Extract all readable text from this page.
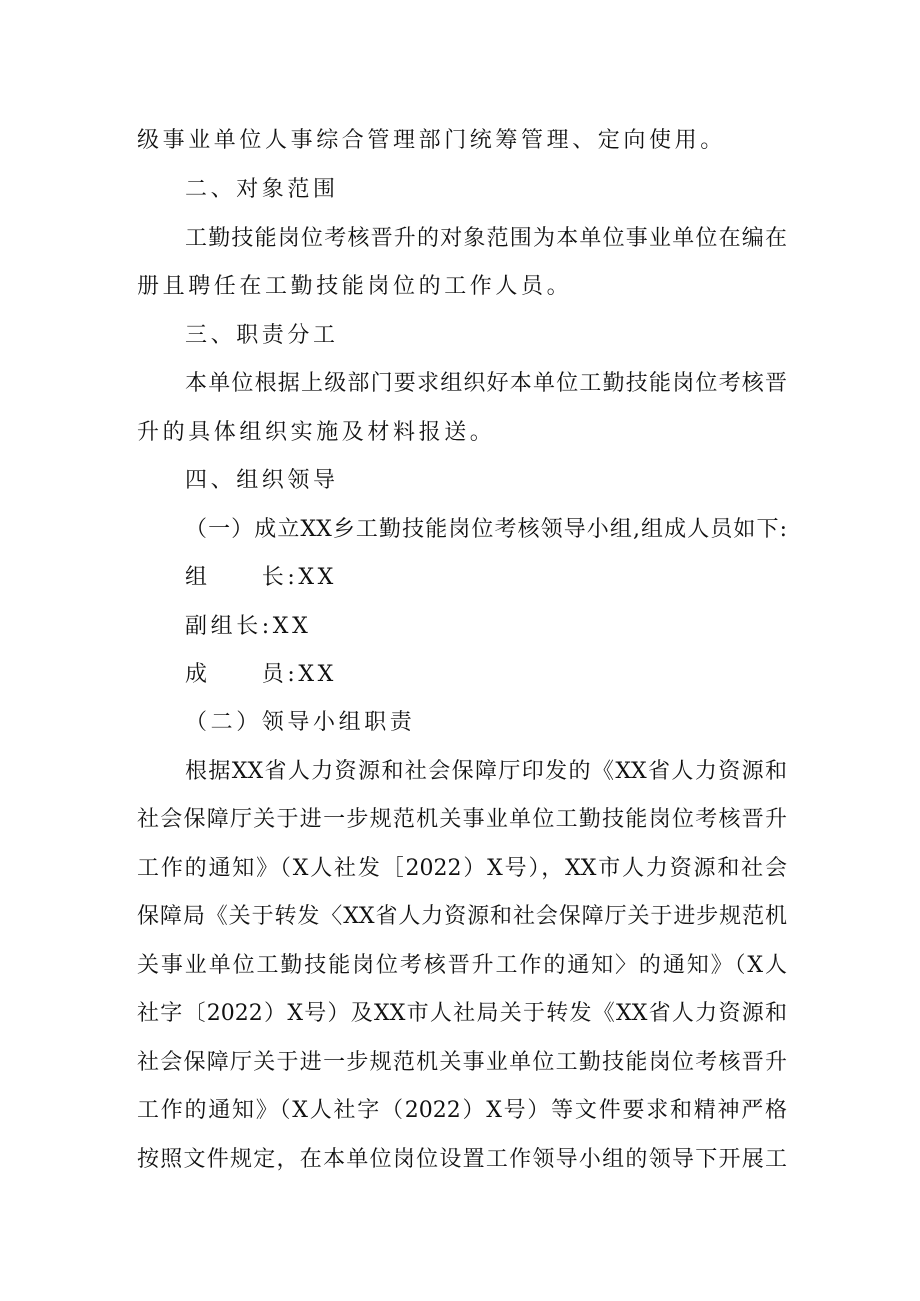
级事业单位人事综合管理部门统筹管理、定向使用。
二、对象范围
工勤技能岗位考核晋升的对象范围为本单位事业单位在编在
册且聘任在工勤技能岗位的工作人员。
三、职责分工
本单位根据上级部门要求组织好本单位工勤技能岗位考核晋
升的具体组织实施及材料报送。
四、组织领导
（一）成立XX乡工勤技能岗位考核领导小组,组成人员如下:
组　　长:XX
副组长:XX
成　　员:XX
（二）领导小组职责
根据XX省人力资源和社会保障厅印发的《XX省人力资源和
社会保障厅关于进一步规范机关事业单位工勤技能岗位考核晋升
工作的通知》（X人社发［2022）X号），XX市人力资源和社会
保障局《关于转发〈XX省人力资源和社会保障厅关于进步规范机
关事业单位工勤技能岗位考核晋升工作的通知〉的通知》（X人
社字〔2022）X号）及XX市人社局关于转发《XX省人力资源和
社会保障厅关于进一步规范机关事业单位工勤技能岗位考核晋升
工作的通知》（X人社字（2022）X号）等文件要求和精神严格
按照文件规定，在本单位岗位设置工作领导小组的领导下开展工
